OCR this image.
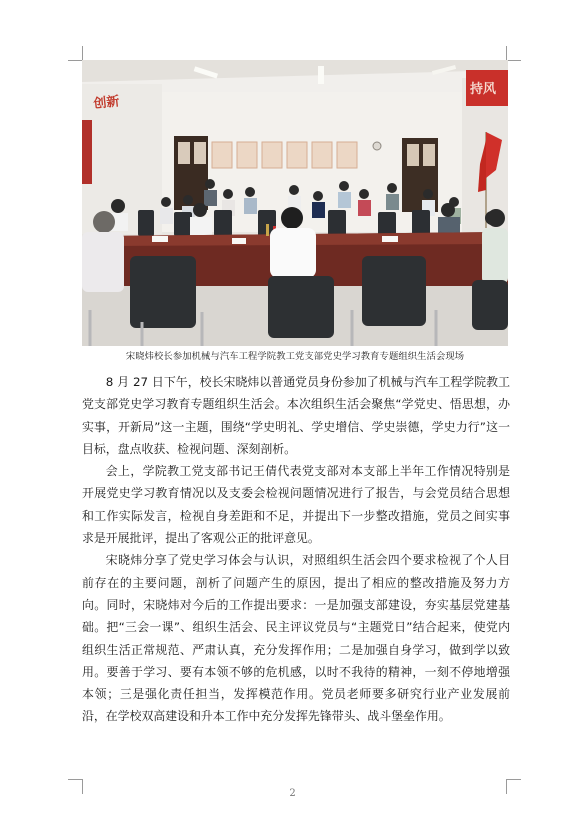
创新
持风
宋晓炜校长参加机械与汽车工程学院教工党支部党史学习教育专题组织生活会现场

8 月 27 日下午，校长宋晓炜以普通党员身份参加了机械与汽车工程学院教工党支部党史学习教育专题组织生活会。本次组织生活会聚焦“学党史、悟思想，办实事，开新局”这一主题，围绕“学史明礼、学史增信、学史崇德，学史力行”这一目标，盘点收获、检视问题、深刻剖析。

会上，学院教工党支部书记王倩代表党支部对本支部上半年工作情况特别是开展党史学习教育情况以及支委会检视问题情况进行了报告，与会党员结合思想和工作实际发言，检视自身差距和不足，并提出下一步整改措施，党员之间实事求是开展批评，提出了客观公正的批评意见。

宋晓炜分享了党史学习体会与认识，对照组织生活会四个要求检视了个人目前存在的主要问题，剖析了问题产生的原因，提出了相应的整改措施及努力方向。同时，宋晓炜对今后的工作提出要求：一是加强支部建设，夯实基层党建基础。把“三会一课”、组织生活会、民主评议党员与“主题党日”结合起来，使党内组织生活正常规范、严肃认真，充分发挥作用；二是加强自身学习，做到学以致用。要善于学习、要有本领不够的危机感，以时不我待的精神，一刻不停地增强本领；三是强化责任担当，发挥模范作用。党员老师要多研究行业产业发展前沿，在学校双高建设和升本工作中充分发挥先锋带头、战斗堡垒作用。

2
